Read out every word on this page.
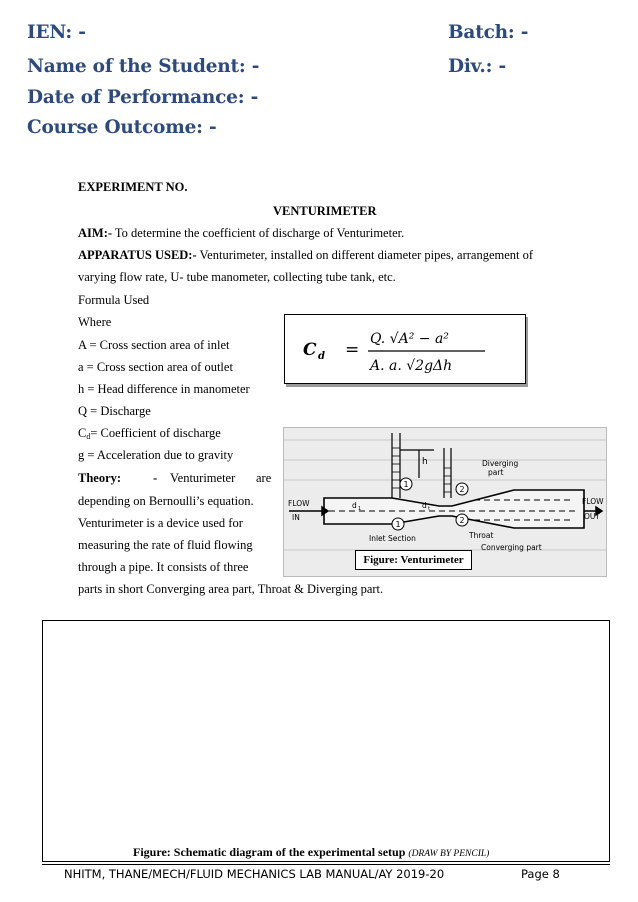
IEN: -	Batch: -
Name of the Student: -	Div.: -
Date of Performance: -
Course Outcome: -
EXPERIMENT NO.
VENTURIMETER
AIM:- To determine the coefficient of discharge of Venturimeter.
APPARATUS USED:- Venturimeter, installed on different diameter pipes, arrangement of
varying flow rate, U- tube manometer, collecting tube tank, etc.
Formula Used
Where
A = Cross section area of inlet
a = Cross section area of outlet
h = Head difference in manometer
Q = Discharge
$C_d=$ Coefficient of discharge
g = Acceleration due to gravity
Theory:	- Venturimeter are
depending on Bernoulli’s equation.
Venturimeter is a device used for
measuring the rate of fluid flowing
through a pipe. It consists of three
parts in short Converging area part, Throat & Diverging part.
C d =
Q. √A² − a²
A. a. √2gΔh
1
2
1	2
h	Diverging
part
FLOW
IN
FLOW
OUT
d 1	d t
Inlet Section	Throat
Converging part
Figure: Venturimeter
Figure: Schematic diagram of the experimental setup (DRAW BY PENCIL)
NHITM, THANE/MECH/FLUID MECHANICS LAB MANUAL/AY 2019-20	Page 8
